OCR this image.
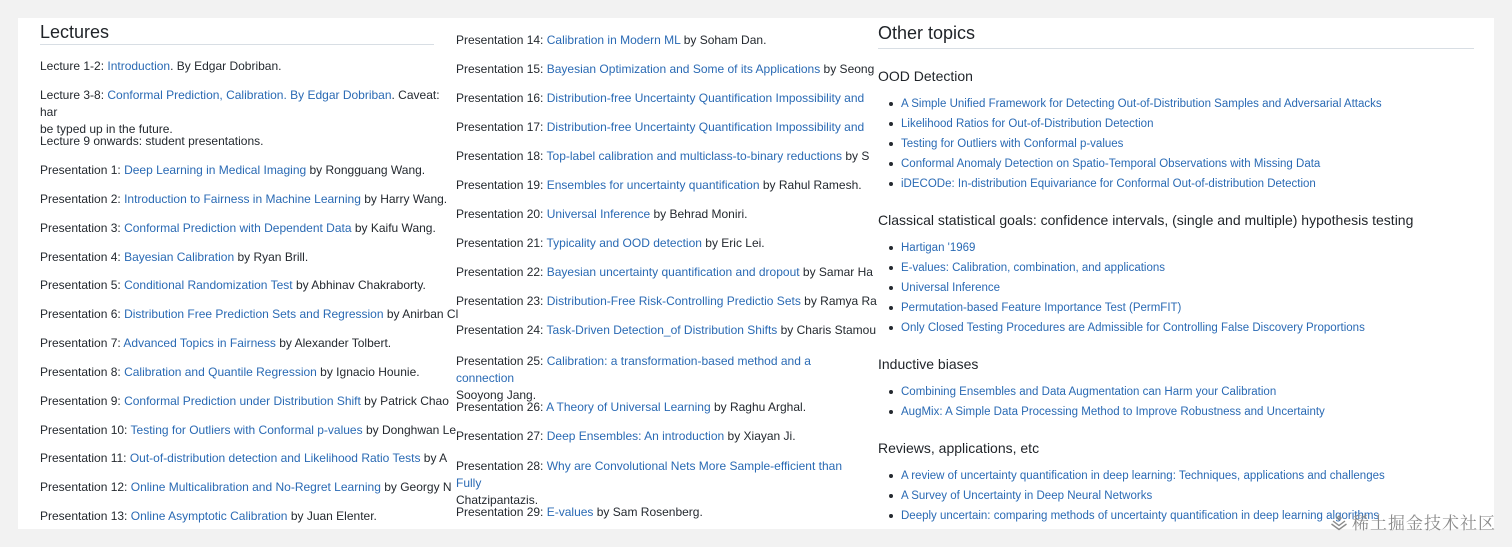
Lectures
Lecture 1-2: Introduction. By Edgar Dobriban.
Lecture 3-8: Conformal Prediction, Calibration. By Edgar Dobriban. Caveat: har
be typed up in the future.
Lecture 9 onwards: student presentations.
Presentation 1: Deep Learning in Medical Imaging by Rongguang Wang.
Presentation 2: Introduction to Fairness in Machine Learning by Harry Wang.
Presentation 3: Conformal Prediction with Dependent Data by Kaifu Wang.
Presentation 4: Bayesian Calibration by Ryan Brill.
Presentation 5: Conditional Randomization Test by Abhinav Chakraborty.
Presentation 6: Distribution Free Prediction Sets and Regression by Anirban Cl
Presentation 7: Advanced Topics in Fairness by Alexander Tolbert.
Presentation 8: Calibration and Quantile Regression by Ignacio Hounie.
Presentation 9: Conformal Prediction under Distribution Shift by Patrick Chao
Presentation 10: Testing for Outliers with Conformal p-values by Donghwan Le
Presentation 11: Out-of-distribution detection and Likelihood Ratio Tests by A
Presentation 12: Online Multicalibration and No-Regret Learning by Georgy N
Presentation 13: Online Asymptotic Calibration by Juan Elenter.
Presentation 14: Calibration in Modern ML by Soham Dan.
Presentation 15: Bayesian Optimization and Some of its Applications by Seong
Presentation 16: Distribution-free Uncertainty Quantification Impossibility and
Presentation 17: Distribution-free Uncertainty Quantification Impossibility and
Presentation 18: Top-label calibration and multiclass-to-binary reductions by S
Presentation 19: Ensembles for uncertainty quantification by Rahul Ramesh.
Presentation 20: Universal Inference by Behrad Moniri.
Presentation 21: Typicality and OOD detection by Eric Lei.
Presentation 22: Bayesian uncertainty quantification and dropout by Samar Ha
Presentation 23: Distribution-Free Risk-Controlling Predictio Sets by Ramya Ra
Presentation 24: Task-Driven Detection_of Distribution Shifts by Charis Stamou
Presentation 25: Calibration: a transformation-based method and a connection
Sooyong Jang.
Presentation 26: A Theory of Universal Learning by Raghu Arghal.
Presentation 27: Deep Ensembles: An introduction by Xiayan Ji.
Presentation 28: Why are Convolutional Nets More Sample-efficient than Fully
Chatzipantazis.
Presentation 29: E-values by Sam Rosenberg.
Other topics
OOD Detection
A Simple Unified Framework for Detecting Out-of-Distribution Samples and Adversarial Attacks
Likelihood Ratios for Out-of-Distribution Detection
Testing for Outliers with Conformal p-values
Conformal Anomaly Detection on Spatio-Temporal Observations with Missing Data
iDECODe: In-distribution Equivariance for Conformal Out-of-distribution Detection
Classical statistical goals: confidence intervals, (single and multiple) hypothesis testing
Hartigan '1969
E-values: Calibration, combination, and applications
Universal Inference
Permutation-based Feature Importance Test (PermFIT)
Only Closed Testing Procedures are Admissible for Controlling False Discovery Proportions
Inductive biases
Combining Ensembles and Data Augmentation can Harm your Calibration
AugMix: A Simple Data Processing Method to Improve Robustness and Uncertainty
Reviews, applications, etc
A review of uncertainty quantification in deep learning: Techniques, applications and challenges
A Survey of Uncertainty in Deep Neural Networks
Deeply uncertain: comparing methods of uncertainty quantification in deep learning algorithms
稀土掘金技术社区
